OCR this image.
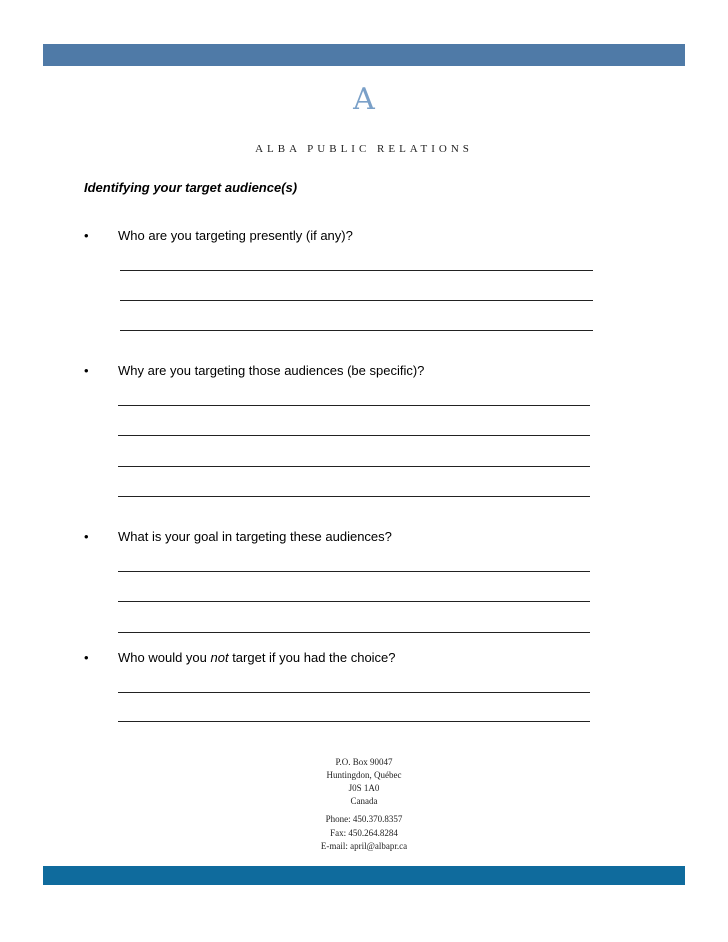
A
ALBA PUBLIC RELATIONS
Identifying your target audience(s)
• Who are you targeting presently (if any)?
• Why are you targeting those audiences (be specific)?
• What is your goal in targeting these audiences?
• Who would you not target if you had the choice?
P.O. Box 90047
Huntingdon, Québec
J0S 1A0
Canada
Phone: 450.370.8357
Fax: 450.264.8284
E-mail: april@albapr.ca
